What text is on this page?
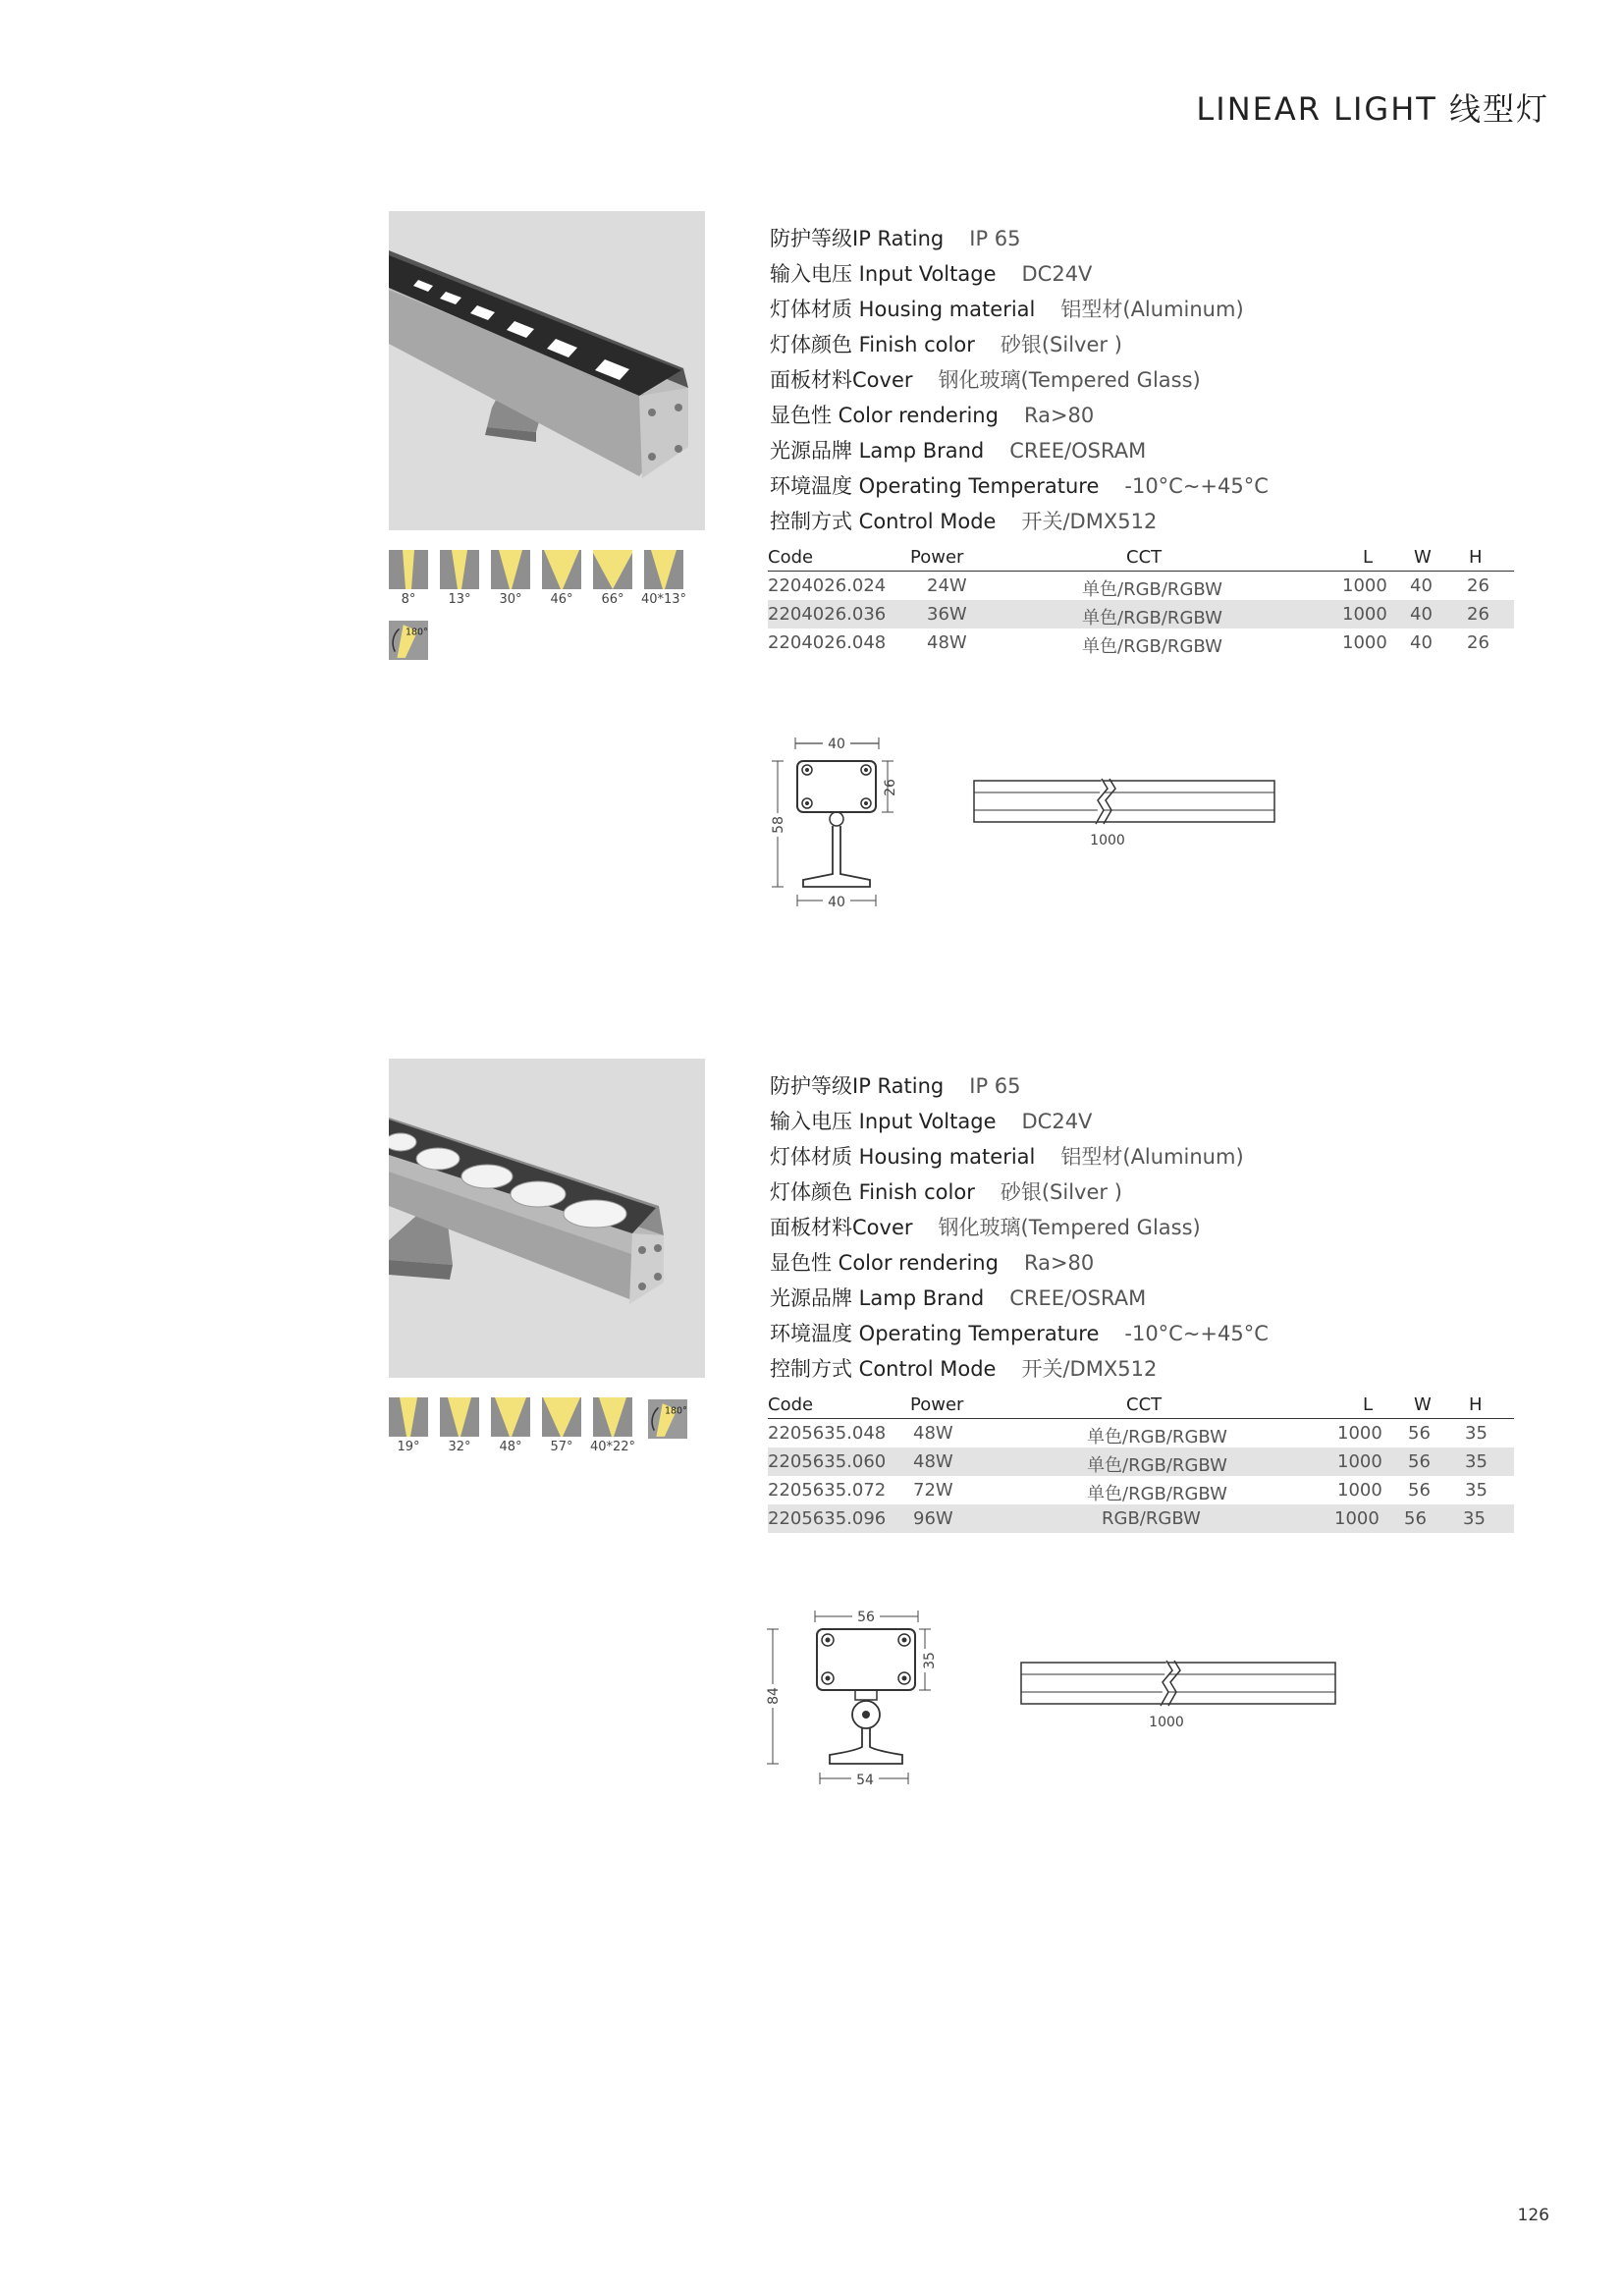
LINEAR LIGHT 线型灯
8°	13°	30°	46°	66°	40*13°
180°
防护等级IP Rating IP 65
输入电压 Input Voltage DC24V
灯体材质 Housing material 铝型材(Aluminum)
灯体颜色 Finish color 砂银(Silver )
面板材料Cover 钢化玻璃(Tempered Glass)
显色性 Color rendering Ra>80
光源品牌 Lamp Brand CREE/OSRAM
环境温度 Operating Temperature -10°C~+45°C
控制方式 Control Mode 开关/DMX512
Code	Power	CCT	L W H
2204026.024 24W	单色/RGB/RGBW	1000 40 26
2204026.036 36W	单色/RGB/RGBW	1000 40 26
2204026.048 48W	单色/RGB/RGBW	1000 40 26
40
26
58
40
1000
19°	32°	48°	57°	40*22°
180°
防护等级IP Rating IP 65
输入电压 Input Voltage DC24V
灯体材质 Housing material 铝型材(Aluminum)
灯体颜色 Finish color 砂银(Silver )
面板材料Cover 钢化玻璃(Tempered Glass)
显色性 Color rendering Ra>80
光源品牌 Lamp Brand CREE/OSRAM
环境温度 Operating Temperature -10°C~+45°C
控制方式 Control Mode 开关/DMX512
Code	Power	CCT	L W H
2205635.048 48W	单色/RGB/RGBW	1000 56 35
2205635.060 48W	单色/RGB/RGBW	1000 56 35
2205635.072 72W	单色/RGB/RGBW	1000 56 35
2205635.096 96W	RGB/RGBW	1000 56 35
56
35
84
54
1000
126
